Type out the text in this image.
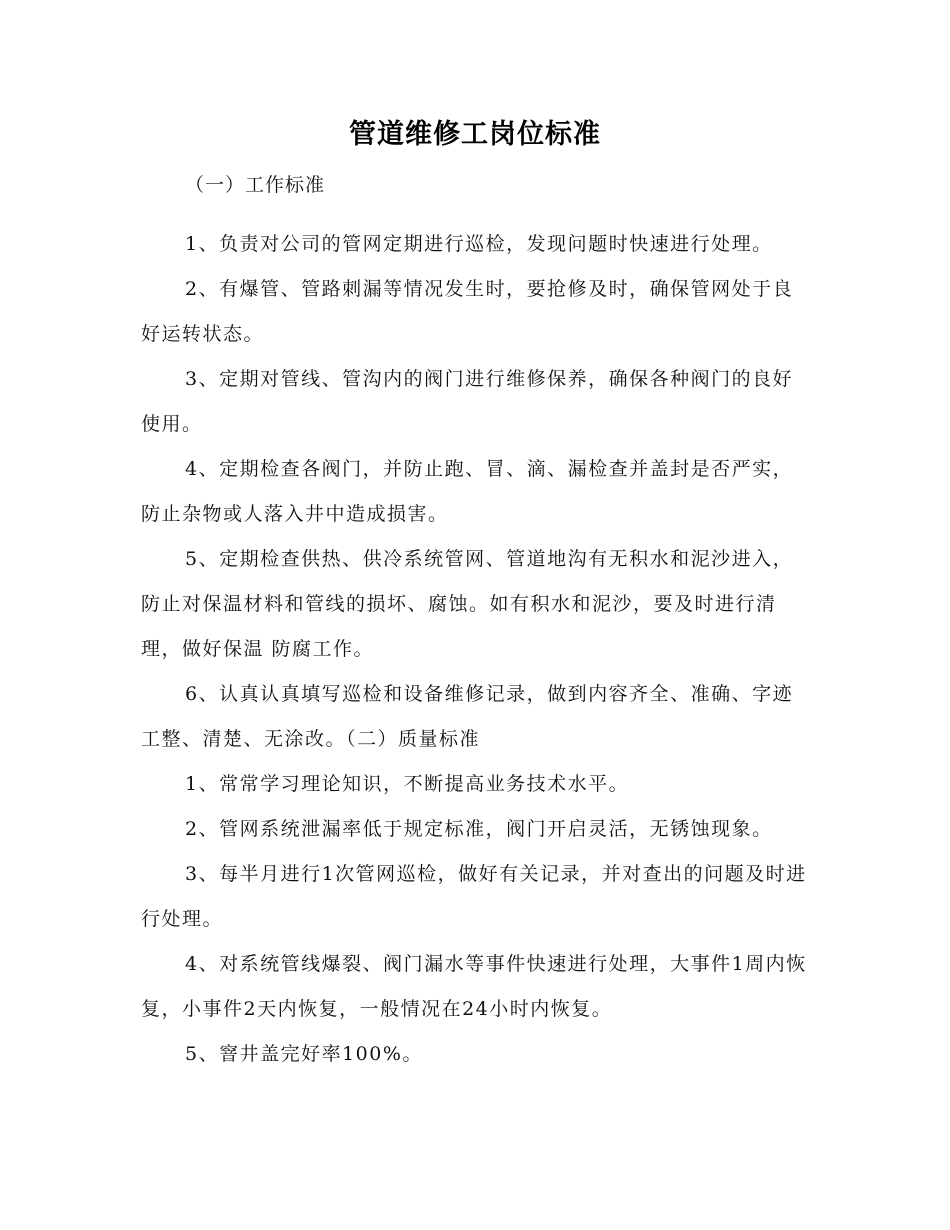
管道维修工岗位标准
（一）工作标准

1、负责对公司的管网定期进行巡检，发现问题时快速进行处理。

2、有爆管、管路刺漏等情况发生时，要抢修及时，确保管网处于良好运转状态。

3、定期对管线、管沟内的阀门进行维修保养，确保各种阀门的良好使用。

4、定期检查各阀门，并防止跑、冒、滴、漏检查并盖封是否严实，防止杂物或人落入井中造成损害。

5、定期检查供热、供冷系统管网、管道地沟有无积水和泥沙进入，防止对保温材料和管线的损坏、腐蚀。如有积水和泥沙，要及时进行清理，做好保温 防腐工作。

6、认真认真填写巡检和设备维修记录，做到内容齐全、准确、字迹工整、清楚、无涂改。（二）质量标准

1、常常学习理论知识，不断提高业务技术水平。

2、管网系统泄漏率低于规定标准，阀门开启灵活，无锈蚀现象。

3、每半月进行1次管网巡检，做好有关记录，并对查出的问题及时进行处理。

4、对系统管线爆裂、阀门漏水等事件快速进行处理，大事件1周内恢复，小事件2天内恢复，一般情况在24小时内恢复。

5、窨井盖完好率100%。
